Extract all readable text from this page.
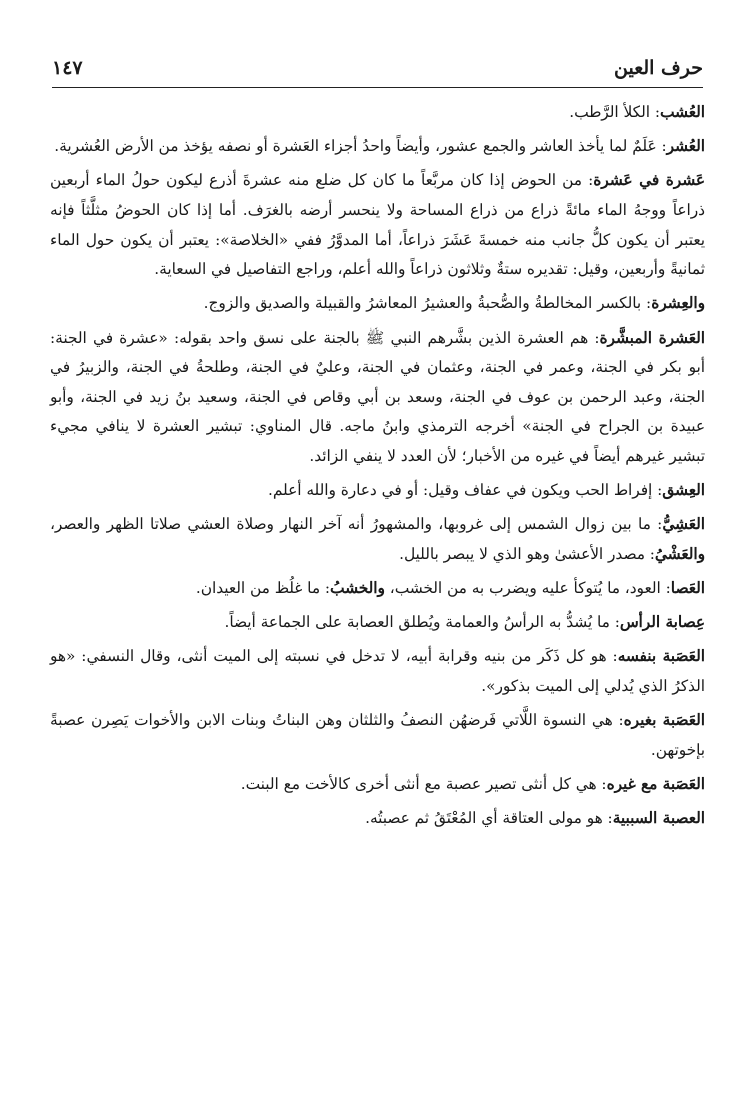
١٤٧	حرف العين

العُشب: الكلأ الرَّطب.

العُشر: عَلَمٌ لما يأخذ العاشر والجمع عشور، وأيضاً واحدُ أجزاء العَشرة أو نصفه يؤخذ من الأرض العُشرية.

عَشرة في عَشرة: من الحوض إذا كان مربَّعاً ما كان كل ضلع منه عشرةَ أذرع ليكون حولُ الماء أربعين ذراعاً ووجهُ الماء مائةً ذراع من ذراع المساحة ولا ينحسر أرضه بالغرَف. أما إذا كان الحوضُ مثلَّثاً فإنه يعتبر أن يكون كلُّ جانب منه خمسةَ عَشَرَ ذراعاً، أما المدوَّرُ ففي «الخلاصة»: يعتبر أن يكون حول الماء ثمانيةً وأربعين، وقيل: تقديره ستةٌ وثلاثون ذراعاً والله أعلم، وراجع التفاصيل في السعاية.

والعِشرة: بالكسر المخالطةُ والصُّحبةُ والعشيرُ المعاشرُ والقبيلة والصديق والزوج.

العَشرة المبشَّرة: هم العشرة الذين بشَّرهم النبي ﷺ بالجنة على نسق واحد بقوله: «عشرة في الجنة: أبو بكر في الجنة، وعمر في الجنة، وعثمان في الجنة، وعليٌ في الجنة، وطلحةُ في الجنة، والزبيرُ في الجنة، وعبد الرحمن بن عوف في الجنة، وسعد بن أبي وقاص في الجنة، وسعيد بنُ زيد في الجنة، وأبو عبيدة بن الجراح في الجنة» أخرجه الترمذي وابنُ ماجه. قال المناوي: تبشير العشرة لا ينافي مجيء تبشير غيرهم أيضاً في غيره من الأخبار؛ لأن العدد لا ينفي الزائد.

العِشق: إفراط الحب ويكون في عفاف وقيل: أو في دعارة والله أعلم.

العَشِيُّ: ما بين زوال الشمس إلى غروبها، والمشهورُ أنه آخر النهار وصلاة العشي صلاتا الظهر والعصر، والعَشْيُ: مصدر الأعشىٰ وهو الذي لا يبصر بالليل.

العَصا: العود، ما يُتوكأ عليه ويضرب به من الخشب، والخشبُ: ما غلُظ من العيدان.

عِصابة الرأس: ما يُشدُّ به الرأسُ والعمامة ويُطلق العصابة على الجماعة أيضاً.

العَصَبة بنفسه: هو كل ذَكَر من بنيه وقرابة أبيه، لا تدخل في نسبته إلى الميت أنثى، وقال النسفي: «هو الذكرُ الذي يُدلي إلى الميت بذكور».

العَصَبة بغيره: هي النسوة اللَّاتي فَرضهُن النصفُ والثلثان وهن البناتُ وبنات الابن والأخوات يَصِرن عصبةً بإخوتهن.

العَصَبة مع غيره: هي كل أنثى تصير عصبة مع أنثى أخرى كالأخت مع البنت.

العصبة السببية: هو مولى العتاقة أي المُعْتَقُ ثم عصبتُه.
